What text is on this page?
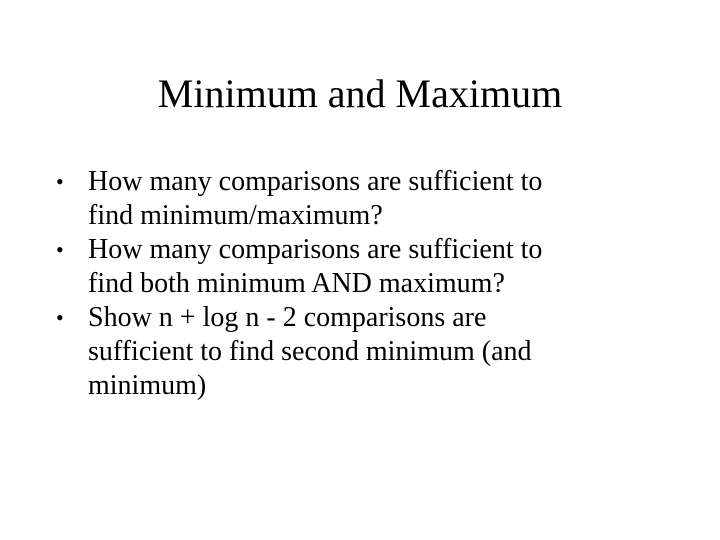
Minimum and Maximum
• How many comparisons are sufficient to
find minimum/maximum?
• How many comparisons are sufficient to
find both minimum AND maximum?
• Show n + log n - 2 comparisons are
sufficient to find second minimum (and
minimum)
